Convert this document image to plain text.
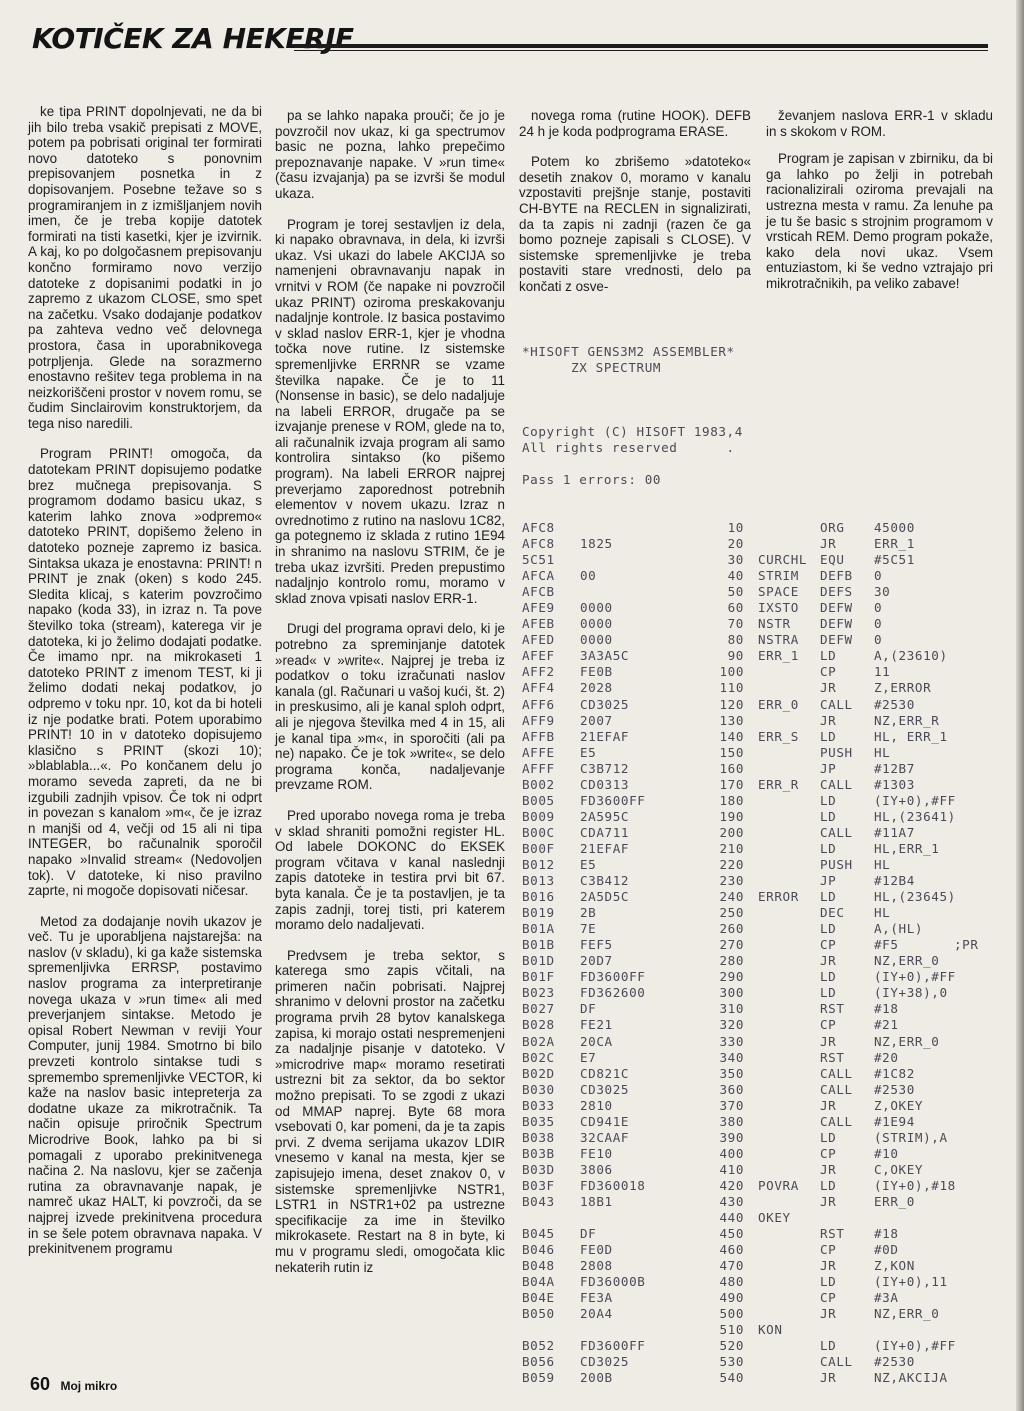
KOTIČEK ZA HEKERJE

ke tipa PRINT dopolnjevati, ne da bi jih bilo treba vsakič prepisati z MOVE, potem pa pobrisati original ter formirati novo datoteko s ponovnim prepisovanjem posnetka in z dopisovanjem. Posebne težave so s programiranjem in z izmišljanjem novih imen, če je treba kopije datotek formirati na tisti kasetki, kjer je izvirnik. A kaj, ko po dolgočasnem prepisovanju končno formiramo novo verzijo datoteke z dopisanimi podatki in jo zapremo z ukazom CLOSE, smo spet na začetku. Vsako dodajanje podatkov pa zahteva vedno več delovnega prostora, časa in uporabnikovega potrpljenja. Glede na sorazmerno enostavno rešitev tega problema in na neizkoriščeni prostor v novem romu, se čudim Sinclairovim konstruktorjem, da tega niso naredili.

Program PRINT! omogoča, da datotekam PRINT dopisujemo podatke brez mučnega prepisovanja. S programom dodamo basicu ukaz, s katerim lahko znova »odpremo« datoteko PRINT, dopišemo želeno in datoteko pozneje zapremo iz basica. Sintaksa ukaza je enostavna: PRINT! n PRINT je znak (oken) s kodo 245. Sledita klicaj, s katerim povzročimo napako (koda 33), in izraz n. Ta pove številko toka (stream), katerega vir je datoteka, ki jo želimo dodajati podatke. Če imamo npr. na mikrokaseti 1 datoteko PRINT z imenom TEST, ki ji želimo dodati nekaj podatkov, jo odpremo v toku npr. 10, kot da bi hoteli iz nje podatke brati. Potem uporabimo PRINT! 10 in v datoteko dopisujemo klasično s PRINT (skozi 10); »blablabla...«. Po končanem delu jo moramo seveda zapreti, da ne bi izgubili zadnjih vpisov. Če tok ni odprt in povezan s kanalom »m«, če je izraz n manjši od 4, večji od 15 ali ni tipa INTEGER, bo računalnik sporočil napako »Invalid stream« (Nedovoljen tok). V datoteke, ki niso pravilno zaprte, ni mogoče dopisovati ničesar.

Metod za dodajanje novih ukazov je več. Tu je uporabljena najstarejša: na naslov (v skladu), ki ga kaže sistemska spremenljivka ERRSP, postavimo naslov programa za interpretiranje novega ukaza v »run time« ali med preverjanjem sintakse. Metodo je opisal Robert Newman v reviji Your Computer, junij 1984. Smotrno bi bilo prevzeti kontrolo sintakse tudi s spremembo spremenljivke VECTOR, ki kaže na naslov basic intepreterja za dodatne ukaze za mikrotračnik. Ta način opisuje priročnik Spectrum Microdrive Book, lahko pa bi si pomagali z uporabo prekinitvenega načina 2. Na naslovu, kjer se začenja rutina za obravnavanje napak, je namreč ukaz HALT, ki povzroči, da se najprej izvede prekinitvena procedura in se šele potem obravnava napaka. V prekinitvenem programu

pa se lahko napaka prouči; če jo je povzročil nov ukaz, ki ga spectrumov basic ne pozna, lahko prepečimo prepoznavanje napake. V »run time« (času izvajanja) pa se izvrši še modul ukaza.

Program je torej sestavljen iz dela, ki napako obravnava, in dela, ki izvrši ukaz. Vsi ukazi do labele AKCIJA so namenjeni obravnavanju napak in vrnitvi v ROM (če napake ni povzročil ukaz PRINT) oziroma preskakovanju nadaljnje kontrole. Iz basica postavimo v sklad naslov ERR-1, kjer je vhodna točka nove rutine. Iz sistemske spremenljivke ERRNR se vzame številka napake. Če je to 11 (Nonsense in basic), se delo nadaljuje na labeli ERROR, drugače pa se izvajanje prenese v ROM, glede na to, ali računalnik izvaja program ali samo kontrolira sintakso (ko pišemo program). Na labeli ERROR najprej preverjamo zaporednost potrebnih elementov v novem ukazu. Izraz n ovrednotimo z rutino na naslovu 1C82, ga potegnemo iz sklada z rutino 1E94 in shranimo na naslovu STRIM, če je treba ukaz izvršiti. Preden prepustimo nadaljnjo kontrolo romu, moramo v sklad znova vpisati naslov ERR-1.

Drugi del programa opravi delo, ki je potrebno za spreminjanje datotek »read« v »write«. Najprej je treba iz podatkov o toku izračunati naslov kanala (gl. Računari u vašoj kući, št. 2) in preskusimo, ali je kanal sploh odprt, ali je njegova številka med 4 in 15, ali je kanal tipa »m«, in sporočiti (ali pa ne) napako. Če je tok »write«, se delo programa konča, nadaljevanje prevzame ROM.

Pred uporabo novega roma je treba v sklad shraniti pomožni register HL. Od labele DOKONC do EKSEK program včitava v kanal naslednji zapis datoteke in testira prvi bit 67. byta kanala. Če je ta postavljen, je ta zapis zadnji, torej tisti, pri katerem moramo delo nadaljevati.

Predvsem je treba sektor, s katerega smo zapis včitali, na primeren način pobrisati. Najprej shranimo v delovni prostor na začetku programa prvih 28 bytov kanalskega zapisa, ki morajo ostati nespremenjeni za nadaljnje pisanje v datoteko. V »microdrive map« moramo resetirati ustrezni bit za sektor, da bo sektor možno prepisati. To se zgodi z ukazi od MMAP naprej. Byte 68 mora vsebovati 0, kar pomeni, da je ta zapis prvi. Z dvema serijama ukazov LDIR vnesemo v kanal na mesta, kjer se zapisujejo imena, deset znakov 0, v sistemske spremenljivke NSTR1, LSTR1 in NSTR1+02 pa ustrezne specifikacije za ime in številko mikrokasete. Restart na 8 in byte, ki mu v programu sledi, omogočata klic nekaterih rutin iz

novega roma (rutine HOOK). DEFB 24 h je koda podprograma ERASE.

Potem ko zbrišemo »datoteko« desetih znakov 0, moramo v kanalu vzpostaviti prejšnje stanje, postaviti CH-BYTE na RECLEN in signalizirati, da ta zapis ni zadnji (razen če ga bomo pozneje zapisali s CLOSE). V sistemske spremenljivke je treba postaviti stare vrednosti, delo pa končati z osve-

ževanjem naslova ERR-1 v skladu in s skokom v ROM.

Program je zapisan v zbirniku, da bi ga lahko po želji in potrebah racionalizirali oziroma prevajali na ustrezna mesta v ramu. Za lenuhe pa je tu še basic s strojnim programom v vrsticah REM. Demo program pokaže, kako dela novi ukaz. Vsem entuziastom, ki še vedno vztrajajo pri mikrotračnikih, pa veliko zabave!

*HISOFT GENS3M2 ASSEMBLER*
ZX SPECTRUM
Copyright (C) HISOFT 1983,4
All rights reserved      .
Pass 1 errors: 00
AFC8	10	ORG 45000
AFC8 1825	20	JR	ERR_1
5C51	30 CURCHL EQU #5C51
AFCA 00	40 STRIM DEFB 0
AFCB	50 SPACE DEFS 30
AFE9 0000	60 IXSTO DEFW 0
AFEB 0000	70 NSTR DEFW 0
AFED 0000	80 NSTRA DEFW 0
AFEF 3A3A5C	90 ERR_1 LD	A,(23610)
AFF2 FE0B	100	CP	11
AFF4 2028	110	JR	Z,ERROR
AFF6 CD3025	120 ERR_0 CALL #2530
AFF9 2007	130	JR	NZ,ERR_R
AFFB 21EFAF	140 ERR_S LD	HL, ERR_1
AFFE E5	150	PUSH HL
AFFF C3B712	160	JP	#12B7
B002 CD0313	170 ERR_R CALL #1303
B005 FD3600FF	180	LD	(IY+0),#FF
B009 2A595C	190	LD	HL,(23641)
B00C CDA711	200	CALL #11A7
B00F 21EFAF	210	LD	HL,ERR_1
B012 E5	220	PUSH HL
B013 C3B412	230	JP	#12B4
B016 2A5D5C	240 ERROR LD	HL,(23645)
B019 2B	250	DEC HL
B01A 7E	260	LD	A,(HL)
B01B FEF5	270	CP	#F5	;PR
B01D 20D7	280	JR	NZ,ERR_0
B01F FD3600FF	290	LD	(IY+0),#FF
B023 FD362600	300	LD	(IY+38),0
B027 DF	310	RST #18
B028 FE21	320	CP	#21
B02A 20CA	330	JR	NZ,ERR_0
B02C E7	340	RST #20
B02D CD821C	350	CALL #1C82
B030 CD3025	360	CALL #2530
B033 2810	370	JR	Z,OKEY
B035 CD941E	380	CALL #1E94
B038 32CAAF	390	LD	(STRIM),A
B03B FE10	400	CP	#10
B03D 3806	410	JR	C,OKEY
B03F FD360018	420 POVRA LD	(IY+0),#18
B043 18B1	430	JR	ERR_0
440 OKEY
B045 DF	450	RST #18
B046 FE0D	460	CP	#0D
B048 2808	470	JR	Z,KON
B04A FD36000B	480	LD	(IY+0),11
B04E FE3A	490	CP	#3A
B050 20A4	500	JR	NZ,ERR_0
510 KON
B052 FD3600FF	520	LD	(IY+0),#FF
B056 CD3025	530	CALL #2530
B059 200B	540	JR	NZ,AKCIJA
60 Moj mikro
